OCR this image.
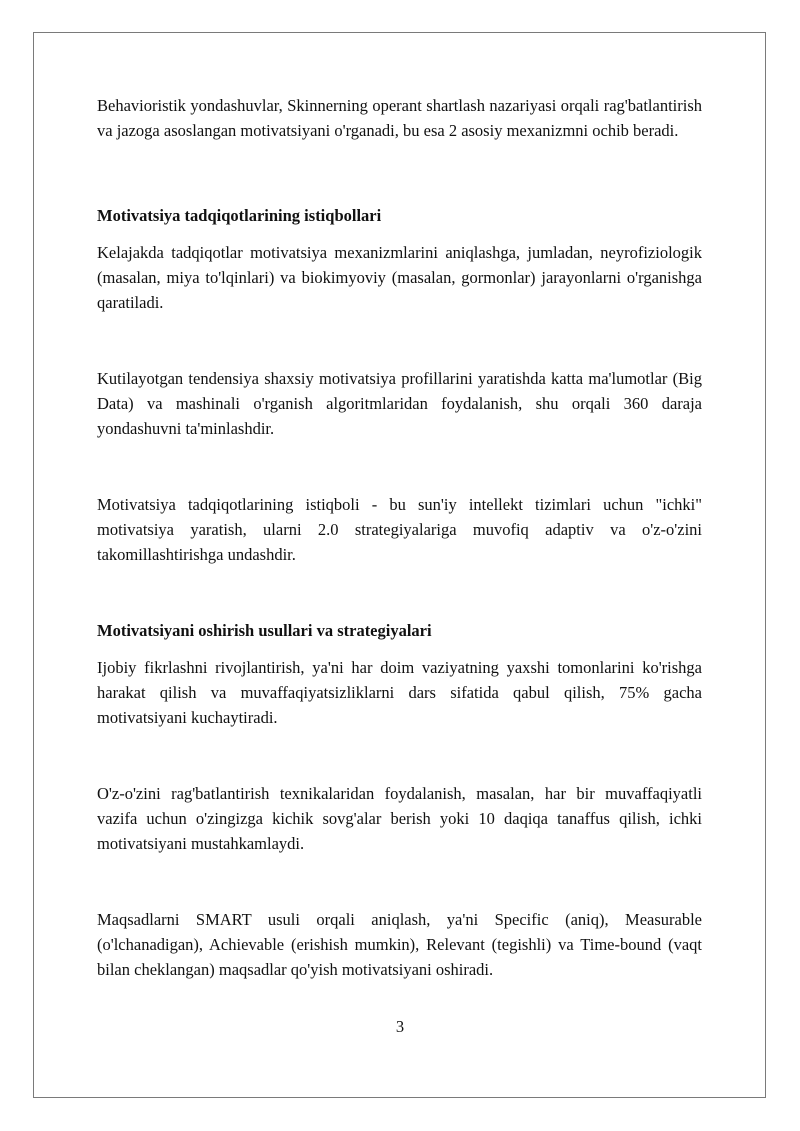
Behavioristik yondashuvlar, Skinnerning operant shartlash nazariyasi orqali rag'batlantirish va jazoga asoslangan motivatsiyani o'rganadi, bu esa 2 asosiy mexanizmni ochib beradi.

Motivatsiya tadqiqotlarining istiqbollari

Kelajakda tadqiqotlar motivatsiya mexanizmlarini aniqlashga, jumladan, neyrofiziologik (masalan, miya to'lqinlari) va biokimyoviy (masalan, gormonlar) jarayonlarni o'rganishga qaratiladi.

Kutilayotgan tendensiya shaxsiy motivatsiya profillarini yaratishda katta ma'lumotlar (Big Data) va mashinali o'rganish algoritmlaridan foydalanish, shu orqali 360 daraja yondashuvni ta'minlashdir.

Motivatsiya tadqiqotlarining istiqboli - bu sun'iy intellekt tizimlari uchun "ichki" motivatsiya yaratish, ularni 2.0 strategiyalariga muvofiq adaptiv va o'z-o'zini takomillashtirishga undashdir.

Motivatsiyani oshirish usullari va strategiyalari

Ijobiy fikrlashni rivojlantirish, ya'ni har doim vaziyatning yaxshi tomonlarini ko'rishga harakat qilish va muvaffaqiyatsizliklarni dars sifatida qabul qilish, 75% gacha motivatsiyani kuchaytiradi.

O'z-o'zini rag'batlantirish texnikalaridan foydalanish, masalan, har bir muvaffaqiyatli vazifa uchun o'zingizga kichik sovg'alar berish yoki 10 daqiqa tanaffus qilish, ichki motivatsiyani mustahkamlaydi.

Maqsadlarni SMART usuli orqali aniqlash, ya'ni Specific (aniq), Measurable (o'lchanadigan), Achievable (erishish mumkin), Relevant (tegishli) va Time-bound (vaqt bilan cheklangan) maqsadlar qo'yish motivatsiyani oshiradi.

3
